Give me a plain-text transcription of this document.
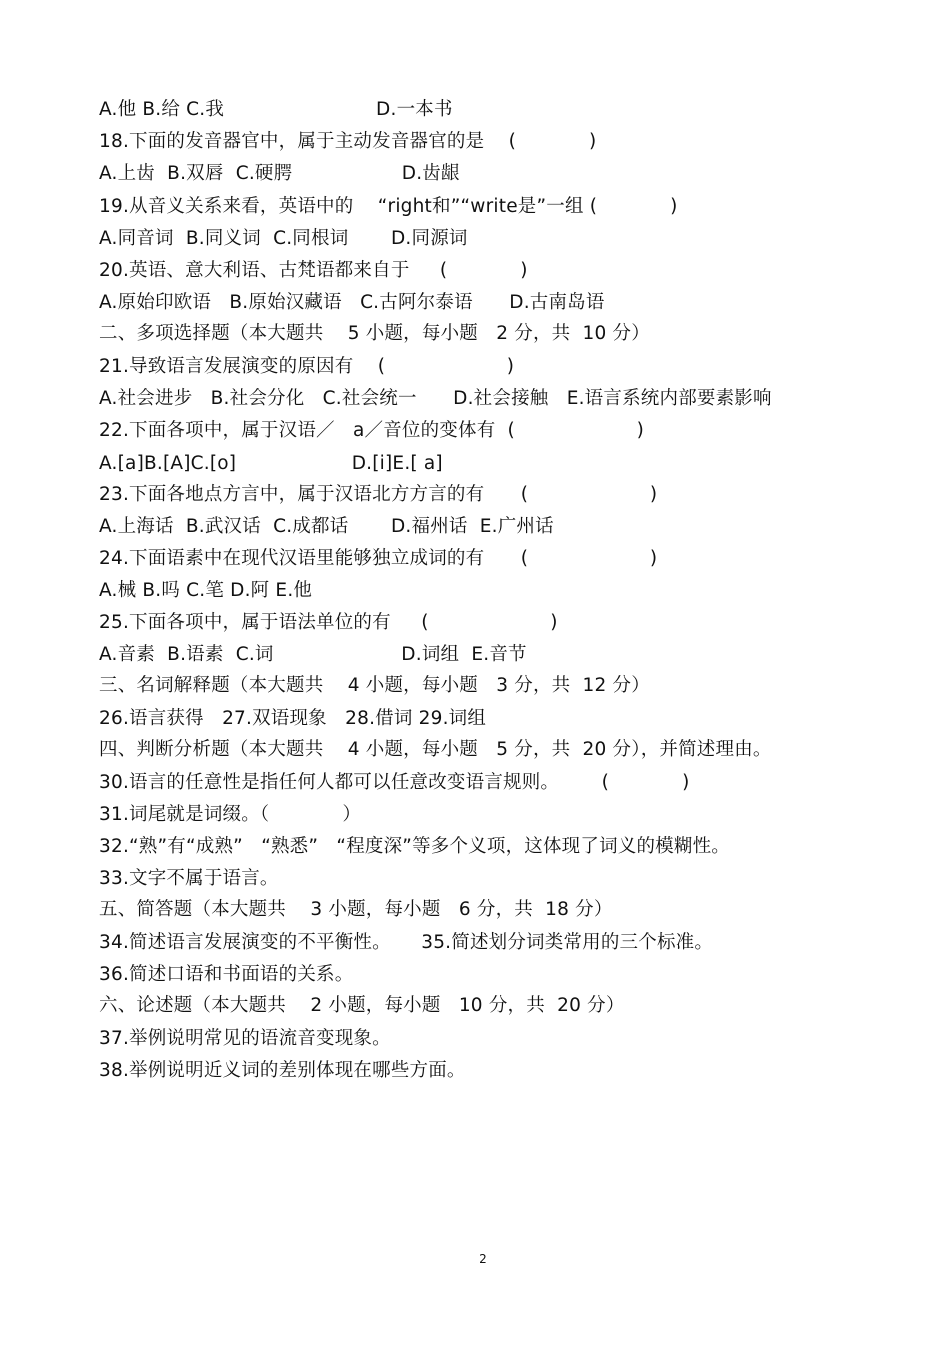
A.他 B.给 C.我                         D.一本书
18.下面的发音器官中，属于主动发音器官的是    (            )
A.上齿  B.双唇  C.硬腭                  D.齿龈
19.从音义关系来看，英语中的    “right和”“write是”一组 (            )
A.同音词  B.同义词  C.同根词       D.同源词
20.英语、意大利语、古梵语都来自于     (            )
A.原始印欧语   B.原始汉藏语   C.古阿尔泰语      D.古南岛语
二、多项选择题（本大题共    5 小题，每小题   2 分，共  10 分）
21.导致语言发展演变的原因有    (                    )
A.社会进步   B.社会分化   C.社会统一      D.社会接触   E.语言系统内部要素影响
22.下面各项中，属于汉语／   a／音位的变体有  (                    )
A.[a]B.[A]C.[o]                   D.[i]E.[ a]
23.下面各地点方言中，属于汉语北方方言的有      (                    )
A.上海话  B.武汉话  C.成都话       D.福州话  E.广州话
24.下面语素中在现代汉语里能够独立成词的有      (                    )
A.械 B.吗 C.笔 D.阿 E.他
25.下面各项中，属于语法单位的有     (                    )
A.音素  B.语素  C.词                     D.词组  E.音节
三、名词解释题（本大题共    4 小题，每小题   3 分，共  12 分）
26.语言获得   27.双语现象   28.借词 29.词组
四、判断分析题（本大题共    4 小题，每小题   5 分，共  20 分），并简述理由。
30.语言的任意性是指任何人都可以任意改变语言规则。       (            )
31.词尾就是词缀。（            ）
32.“熟”有“成熟”   “熟悉”   “程度深”等多个义项，这体现了词义的模糊性。
33.文字不属于语言。
五、简答题（本大题共    3 小题，每小题   6 分，共  18 分）
34.简述语言发展演变的不平衡性。     35.简述划分词类常用的三个标准。
36.简述口语和书面语的关系。
六、论述题（本大题共    2 小题，每小题   10 分，共  20 分）
37.举例说明常见的语流音变现象。
38.举例说明近义词的差别体现在哪些方面。
2
